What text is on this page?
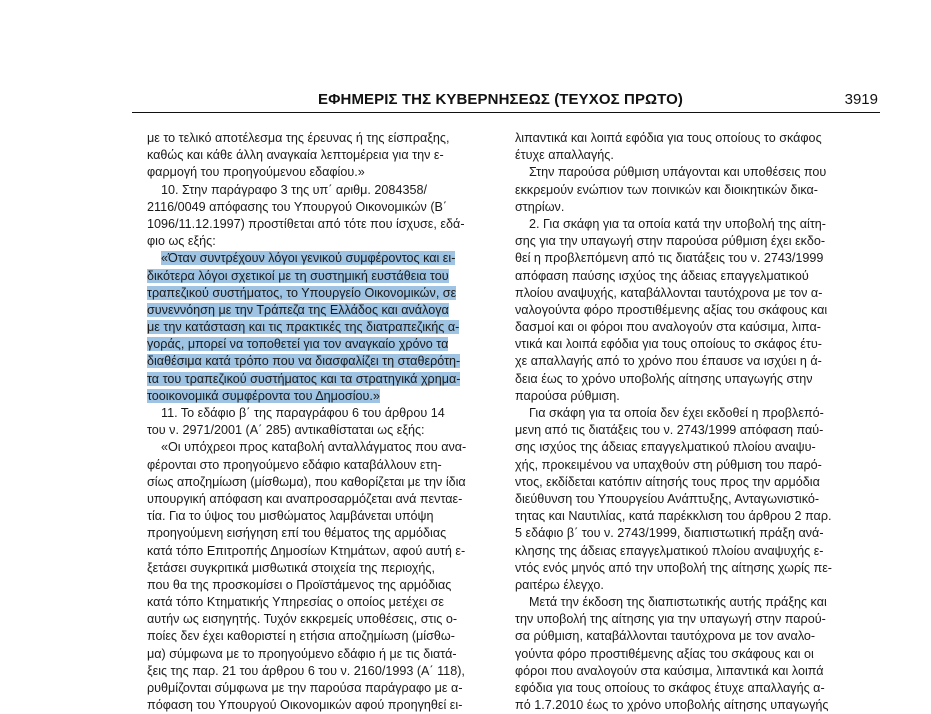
ΕΦΗΜΕΡΙΣ ΤΗΣ ΚΥΒΕΡΝΗΣΕΩΣ (ΤΕΥΧΟΣ ΠΡΩΤΟ)	3919
με το τελικό αποτέλεσμα της έρευνας ή της είσπραξης,
καθώς και κάθε άλλη αναγκαία λεπτομέρεια για την ε-
φαρμογή του προηγούμενου εδαφίου.»
10. Στην παράγραφο 3 της υπ΄ αριθμ. 2084358/
2116/0049 απόφασης του Υπουργού Οικονομικών (Β΄
1096/11.12.1997) προστίθεται από τότε που ίσχυσε, εδά-
φιο ως εξής:
«Όταν συντρέχουν λόγοι γενικού συμφέροντος και ει-
δικότερα λόγοι σχετικοί με τη συστημική ευστάθεια του
τραπεζικού συστήματος, το Υπουργείο Οικονομικών, σε
συνεννόηση με την Τράπεζα της Ελλάδος και ανάλογα
με την κατάσταση και τις πρακτικές της διατραπεζικής α-
γοράς, μπορεί να τοποθετεί για τον αναγκαίο χρόνο τα
διαθέσιμα κατά τρόπο που να διασφαλίζει τη σταθερότη-
τα του τραπεζικού συστήματος και τα στρατηγικά χρημα-
τοοικονομικά συμφέροντα του Δημοσίου.»
11. Το εδάφιο β΄ της παραγράφου 6 του άρθρου 14
του ν. 2971/2001 (Α΄ 285) αντικαθίσταται ως εξής:
«Οι υπόχρεοι προς καταβολή ανταλλάγματος που ανα-
φέρονται στο προηγούμενο εδάφιο καταβάλλουν ετη-
σίως αποζημίωση (μίσθωμα), που καθορίζεται με την ίδια
υπουργική απόφαση και αναπροσαρμόζεται ανά πενταε-
τία. Για το ύψος του μισθώματος λαμβάνεται υπόψη
προηγούμενη εισήγηση επί του θέματος της αρμόδιας
κατά τόπο Επιτροπής Δημοσίων Κτημάτων, αφού αυτή ε-
ξετάσει συγκριτικά μισθωτικά στοιχεία της περιοχής,
που θα της προσκομίσει ο Προϊστάμενος της αρμόδιας
κατά τόπο Κτηματικής Υπηρεσίας ο οποίος μετέχει σε
αυτήν ως εισηγητής. Τυχόν εκκρεμείς υποθέσεις, στις ο-
ποίες δεν έχει καθοριστεί η ετήσια αποζημίωση (μίσθω-
μα) σύμφωνα με το προηγούμενο εδάφιο ή με τις διατά-
ξεις της παρ. 21 του άρθρου 6 του ν. 2160/1993 (Α΄ 118),
ρυθμίζονται σύμφωνα με την παρούσα παράγραφο με α-
πόφαση του Υπουργού Οικονομικών αφού προηγηθεί ει-
λιπαντικά και λοιπά εφόδια για τους οποίους το σκάφος
έτυχε απαλλαγής.
Στην παρούσα ρύθμιση υπάγονται και υποθέσεις που
εκκρεμούν ενώπιον των ποινικών και διοικητικών δικα-
στηρίων.
2. Για σκάφη για τα οποία κατά την υποβολή της αίτη-
σης για την υπαγωγή στην παρούσα ρύθμιση έχει εκδο-
θεί η προβλεπόμενη από τις διατάξεις του ν. 2743/1999
απόφαση παύσης ισχύος της άδειας επαγγελματικού
πλοίου αναψυχής, καταβάλλονται ταυτόχρονα με τον α-
ναλογούντα φόρο προστιθέμενης αξίας του σκάφους και
δασμοί και οι φόροι που αναλογούν στα καύσιμα, λιπα-
ντικά και λοιπά εφόδια για τους οποίους το σκάφος έτυ-
χε απαλλαγής από το χρόνο που έπαυσε να ισχύει η ά-
δεια έως το χρόνο υποβολής αίτησης υπαγωγής στην
παρούσα ρύθμιση.
Για σκάφη για τα οποία δεν έχει εκδοθεί η προβλεπό-
μενη από τις διατάξεις του ν. 2743/1999 απόφαση παύ-
σης ισχύος της άδειας επαγγελματικού πλοίου αναψυ-
χής, προκειμένου να υπαχθούν στη ρύθμιση του παρό-
ντος, εκδίδεται κατόπιν αίτησής τους προς την αρμόδια
διεύθυνση του Υπουργείου Ανάπτυξης, Ανταγωνιστικό-
τητας και Ναυτιλίας, κατά παρέκκλιση του άρθρου 2 παρ.
5 εδάφιο β΄ του ν. 2743/1999, διαπιστωτική πράξη ανά-
κλησης της άδειας επαγγελματικού πλοίου αναψυχής ε-
ντός ενός μηνός από την υποβολή της αίτησης χωρίς πε-
ραιτέρω έλεγχο.
Μετά την έκδοση της διαπιστωτικής αυτής πράξης και
την υποβολή της αίτησης για την υπαγωγή στην παρού-
σα ρύθμιση, καταβάλλονται ταυτόχρονα με τον αναλο-
γούντα φόρο προστιθέμενης αξίας του σκάφους και οι
φόροι που αναλογούν στα καύσιμα, λιπαντικά και λοιπά
εφόδια για τους οποίους το σκάφος έτυχε απαλλαγής α-
πό 1.7.2010 έως το χρόνο υποβολής αίτησης υπαγωγής
